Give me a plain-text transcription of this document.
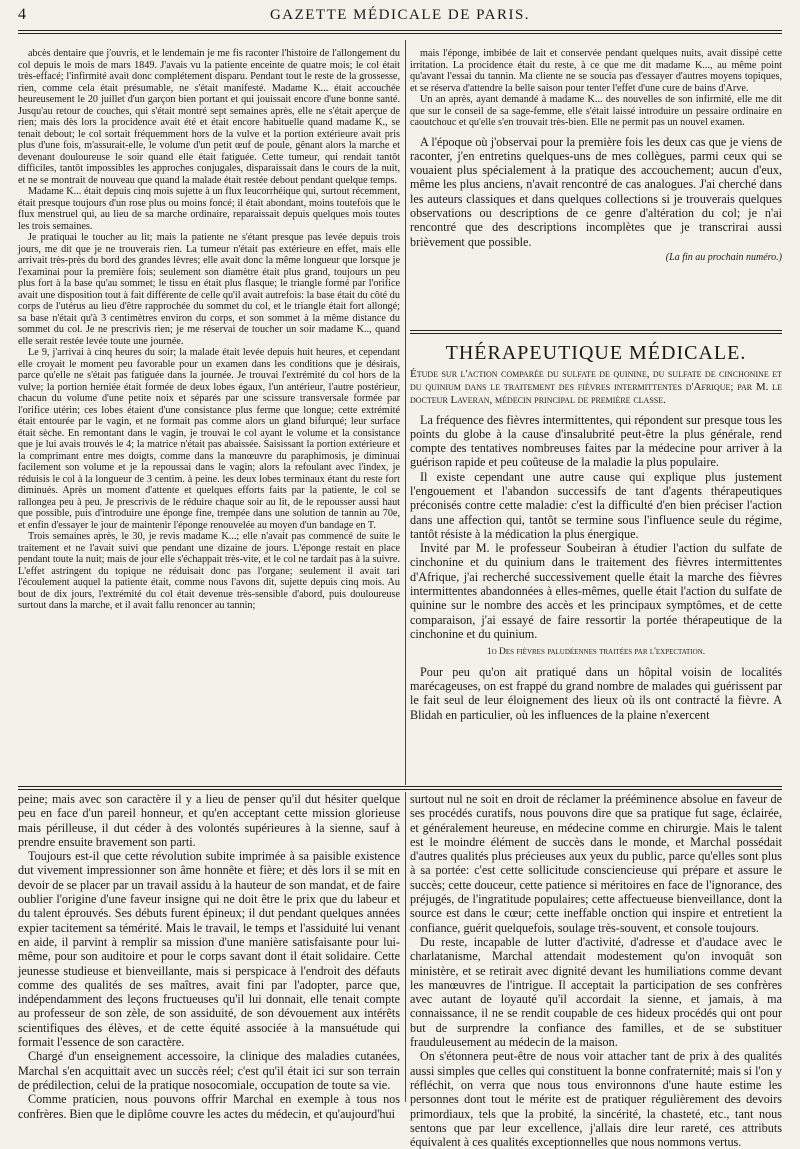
4	GAZETTE MÉDICALE DE PARIS.

abcès dentaire que j'ouvris, et le lendemain je me fis raconter l'histoire de l'allongement du col depuis le mois de mars 1849. J'avais vu la patiente enceinte de quatre mois; le col était très-effacé; l'infirmité avait donc complétement disparu. Pendant tout le reste de la grossesse, rien, comme cela était présumable, ne s'était manifesté. Madame K... était accouchée heureusement le 20 juillet d'un garçon bien portant et qui jouissait encore d'une bonne santé. Jusqu'au retour de couches, qui s'était montré sept semaines après, elle ne s'était aperçue de rien; mais dès lors la procidence avait été et était encore habituelle quand madame K., se tenait debout; le col sortait fréquemment hors de la vulve et la portion extérieure avait pris plus d'une fois, m'assurait-elle, le volume d'un petit œuf de poule, gênant alors la marche et devenant douloureuse le soir quand elle était fatiguée. Cette tumeur, qui rendait tantôt difficiles, tantôt impossibles les approches conjugales, disparaissait dans le cours de la nuit, et ne se montrait de nouveau que quand la malade était restée debout pendant quelque temps.

Madame K... était depuis cinq mois sujette à un flux leucorrhéique qui, surtout récemment, était presque toujours d'un rose plus ou moins foncé; il était abondant, moins toutefois que le flux menstruel qui, au lieu de sa marche ordinaire, reparaissait depuis quelques mois toutes les trois semaines.

Je pratiquai le toucher au lit; mais la patiente ne s'étant presque pas levée depuis trois jours, me dit que je ne trouverais rien. La tumeur n'était pas extérieure en effet, mais elle arrivait très-près du bord des grandes lèvres; elle avait donc la même longueur que lorsque je l'examinai pour la première fois; seulement son diamètre était plus grand, toujours un peu plus fort à la base qu'au sommet; le tissu en était plus flasque; le triangle formé par l'orifice avait une disposition tout à fait différente de celle qu'il avait autrefois: la base était du côté du corps de l'utérus au lieu d'être rapprochée du sommet du col, et le triangle était fort allongé; sa base n'était qu'à 3 centimètres environ du corps, et son sommet à la même distance du sommet du col. Je ne prescrivis rien; je me réservai de toucher un soir madame K.., quand elle serait restée levée toute une journée.

Le 9, j'arrivai à cinq heures du soir; la malade était levée depuis huit heures, et cependant elle croyait le moment peu favorable pour un examen dans les conditions que je désirais, parce qu'elle ne s'était pas fatiguée dans la journée. Je trouvai l'extrémité du col hors de la vulve; la portion herniée était formée de deux lobes égaux, l'un antérieur, l'autre postérieur, chacun du volume d'une petite noix et séparés par une scissure transversale formée par l'orifice utérin; ces lobes étaient d'une consistance plus ferme que longue; cette extrémité était entourée par le vagin, et ne formait pas comme alors un gland bifurqué; leur surface était sèche. En remontant dans le vagin, je trouvai le col ayant le volume et la consistance que je lui avais trouvés le 4; la matrice n'était pas abaissée. Saisissant la portion extérieure et la comprimant entre mes doigts, comme dans la manœuvre du paraphimosis, je diminuai facilement son volume et je la repoussai dans le vagin; alors la refoulant avec l'index, je réduisis le col à la longueur de 3 centim. à peine. les deux lobes terminaux étant du reste fort diminués. Après un moment d'attente et quelques efforts faits par la patiente, le col se rallongea peu à peu. Je prescrivis de le réduire chaque soir au lit, de le repousser aussi haut que possible, puis d'introduire une éponge fine, trempée dans une solution de tannin au 70e, et enfin d'essayer le jour de maintenir l'éponge renouvelée au moyen d'un bandage en T.

Trois semaines après, le 30, je revis madame K...; elle n'avait pas commencé de suite le traitement et ne l'avait suivi que pendant une dizaine de jours. L'éponge restait en place pendant toute la nuit; mais de jour elle s'échappait très-vite, et le col ne tardait pas à la suivre. L'effet astringent du topique ne réduisait donc pas l'organe; seulement il avait tari l'écoulement auquel la patiente était, comme nous l'avons dit, sujette depuis cinq mois. Au bout de dix jours, l'extrémité du col était devenue très-sensible d'abord, puis douloureuse surtout dans la marche, et il avait fallu renoncer au tannin;

mais l'éponge, imbibée de lait et conservée pendant quelques nuits, avait dissipé cette irritation. La procidence était du reste, à ce que me dit madame K..., au même point qu'avant l'essai du tannin. Ma cliente ne se soucia pas d'essayer d'autres moyens topiques, et se réserva d'attendre la belle saison pour tenter l'effet d'une cure de bains d'Arve.

Un an après, ayant demandé à madame K... des nouvelles de son infirmité, elle me dit que sur le conseil de sa sage-femme, elle s'était laissé introduire un pessaire ordinaire en caoutchouc et qu'elle s'en trouvait très-bien. Elle ne permit pas un nouvel examen.

A l'époque où j'observai pour la première fois les deux cas que je viens de raconter, j'en entretins quelques-uns de mes collègues, parmi ceux qui se vouaient plus spécialement à la pratique des accouchement; aucun d'eux, même les plus anciens, n'avait rencontré de cas analogues. J'ai cherché dans les auteurs classiques et dans quelques collections si je trouverais quelques observations ou descriptions de ce genre d'altération du col; je n'ai rencontré que des descriptions incomplètes que je transcrirai aussi brièvement que possible.

(La fin au prochain numéro.)
THÉRAPEUTIQUE MÉDICALE.
Étude sur l'action comparée du sulfate de quinine, du sulfate de cinchonine et du quinium dans le traitement des fièvres intermittentes d'Afrique; par M. le docteur Laveran, médecin principal de première classe.

La fréquence des fièvres intermittentes, qui répondent sur presque tous les points du globe à la cause d'insalubrité peut-être la plus générale, rend compte des tentatives nombreuses faites par la médecine pour arriver à la guérison rapide et peu coûteuse de la maladie la plus populaire.

Il existe cependant une autre cause qui explique plus justement l'engouement et l'abandon successifs de tant d'agents thérapeutiques préconisés contre cette maladie: c'est la difficulté d'en bien préciser l'action dans une affection qui, tantôt se termine sous l'influence seule du régime, tantôt résiste à la médication la plus énergique.

Invité par M. le professeur Soubeiran à étudier l'action du sulfate de cinchonine et du quinium dans le traitement des fièvres intermittentes d'Afrique, j'ai recherché successivement quelle était la marche des fièvres intermittentes abandonnées à elles-mêmes, quelle était l'action du sulfate de quinine sur le nombre des accès et les principaux symptômes, et de cette comparaison, j'ai essayé de faire ressortir la portée thérapeutique de la cinchonine et du quinium.

1o Des fièvres paludéennes traitées par l'expectation.

Pour peu qu'on ait pratiqué dans un hôpital voisin de localités marécageuses, on est frappé du grand nombre de malades qui guérissent par le fait seul de leur éloignement des lieux où ils ont contracté la fièvre. A Blidah en particulier, où les influences de la plaine n'exercent

peine; mais avec son caractère il y a lieu de penser qu'il dut hésiter quelque peu en face d'un pareil honneur, et qu'en acceptant cette mission glorieuse mais périlleuse, il dut céder à des volontés supérieures à la sienne, sauf à prendre ensuite bravement son parti.

Toujours est-il que cette révolution subite imprimée à sa paisible existence dut vivement impressionner son âme honnête et fière; et dès lors il se mit en devoir de se placer par un travail assidu à la hauteur de son mandat, et de faire oublier l'origine d'une faveur insigne qui ne doit être le prix que du labeur et du talent éprouvés. Ses débuts furent épineux; il dut pendant quelques années expier tacitement sa témérité. Mais le travail, le temps et l'assiduité lui venant en aide, il parvint à remplir sa mission d'une manière satisfaisante pour lui-même, pour son auditoire et pour le corps savant dont il était solidaire. Cette jeunesse studieuse et bienveillante, mais si perspicace à l'endroit des défauts comme des qualités de ses maîtres, avait fini par l'adopter, parce que, indépendamment des leçons fructueuses qu'il lui donnait, elle tenait compte au professeur de son zèle, de son assiduité, de son dévouement aux intérêts scientifiques des élèves, et de cette équité associée à la mansuétude qui formait l'essence de son caractère.

Chargé d'un enseignement accessoire, la clinique des maladies cutanées, Marchal s'en acquittait avec un succès réel; c'est qu'il était ici sur son terrain de prédilection, celui de la pratique nosocomiale, occupation de toute sa vie.

Comme praticien, nous pouvons offrir Marchal en exemple à tous nos confrères. Bien que le diplôme couvre les actes du médecin, et qu'aujourd'hui

surtout nul ne soit en droit de réclamer la prééminence absolue en faveur de ses procédés curatifs, nous pouvons dire que sa pratique fut sage, éclairée, et généralement heureuse, en médecine comme en chirurgie. Mais le talent est le moindre élément de succès dans le monde, et Marchal possédait d'autres qualités plus précieuses aux yeux du public, parce qu'elles sont plus à sa portée: c'est cette sollicitude consciencieuse qui prépare et assure le succès; cette douceur, cette patience si méritoires en face de l'ignorance, des préjugés, de l'ingratitude populaires; cette affectueuse bienveillance, dont la source est dans le cœur; cette ineffable onction qui inspire et entretient la confiance, guérit quelquefois, soulage très-souvent, et console toujours.

Du reste, incapable de lutter d'activité, d'adresse et d'audace avec le charlatanisme, Marchal attendait modestement qu'on invoquât son ministère, et se retirait avec dignité devant les humiliations comme devant les manœuvres de l'intrigue. Il acceptait la participation de ses confrères avec autant de loyauté qu'il accordait la sienne, et jamais, à ma connaissance, il ne se rendit coupable de ces hideux procédés qui ont pour but de surprendre la confiance des familles, et de se substituer frauduleusement au médecin de la maison.

On s'étonnera peut-être de nous voir attacher tant de prix à des qualités aussi simples que celles qui constituent la bonne confraternité; mais si l'on y réfléchit, on verra que nous tous environnons d'une haute estime les personnes dont tout le mérite est de pratiquer régulièrement des devoirs primordiaux, tels que la probité, la sincérité, la chasteté, etc., tant nous sentons que par leur excellence, j'allais dire leur rareté, ces attributs équivalent à ces qualités exceptionnelles que nous nommons vertus.
